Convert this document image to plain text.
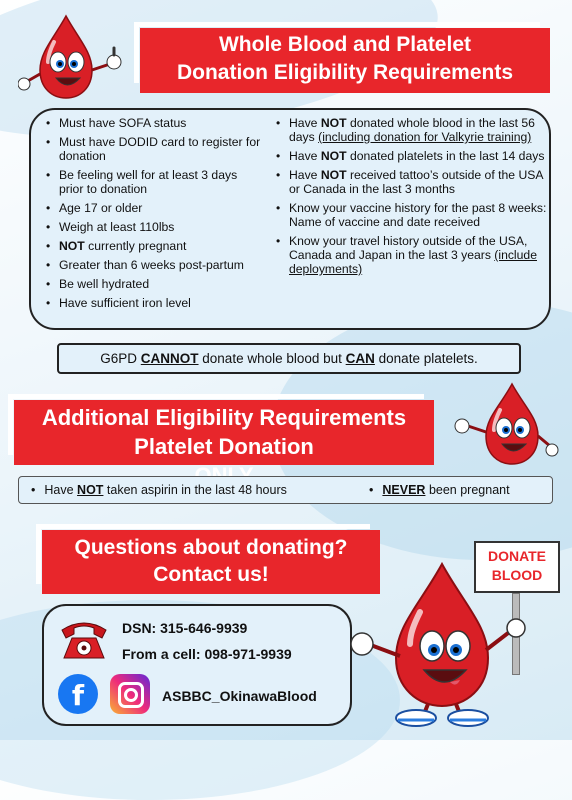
Whole Blood and Platelet
Donation Eligibility Requirements
• Must have SOFA status
• Must have DODID card to register for donation
• Be feeling well for at least 3 days prior to donation
• Age 17 or older
• Weigh at least 110lbs
• NOT currently pregnant
• Greater than 6 weeks post-partum
• Be well hydrated
• Have sufficient iron level
• Have NOT donated whole blood in the last 56 days (including donation for Valkyrie training)
• Have NOT donated platelets in the last 14 days
• Have NOT received tattoo’s outside of the USA or Canada in the last 3 months
• Know your vaccine history for the past 8 weeks: Name of vaccine and date received
• Know your travel history outside of the USA, Canada and Japan in the last 3 years (include deployments)
G6PD CANNOT donate whole blood but CAN donate platelets.
Additional Eligibility Requirements
Platelet Donation
• Have NOT taken aspirin in the last 48 hours
•	NEVER been pregnant
Questions about donating?
Contact us!
DSN: 315-646-9939
From a cell: 098-971-9939
f	ASBBC_OkinawaBlood
DONATE
BLOOD
